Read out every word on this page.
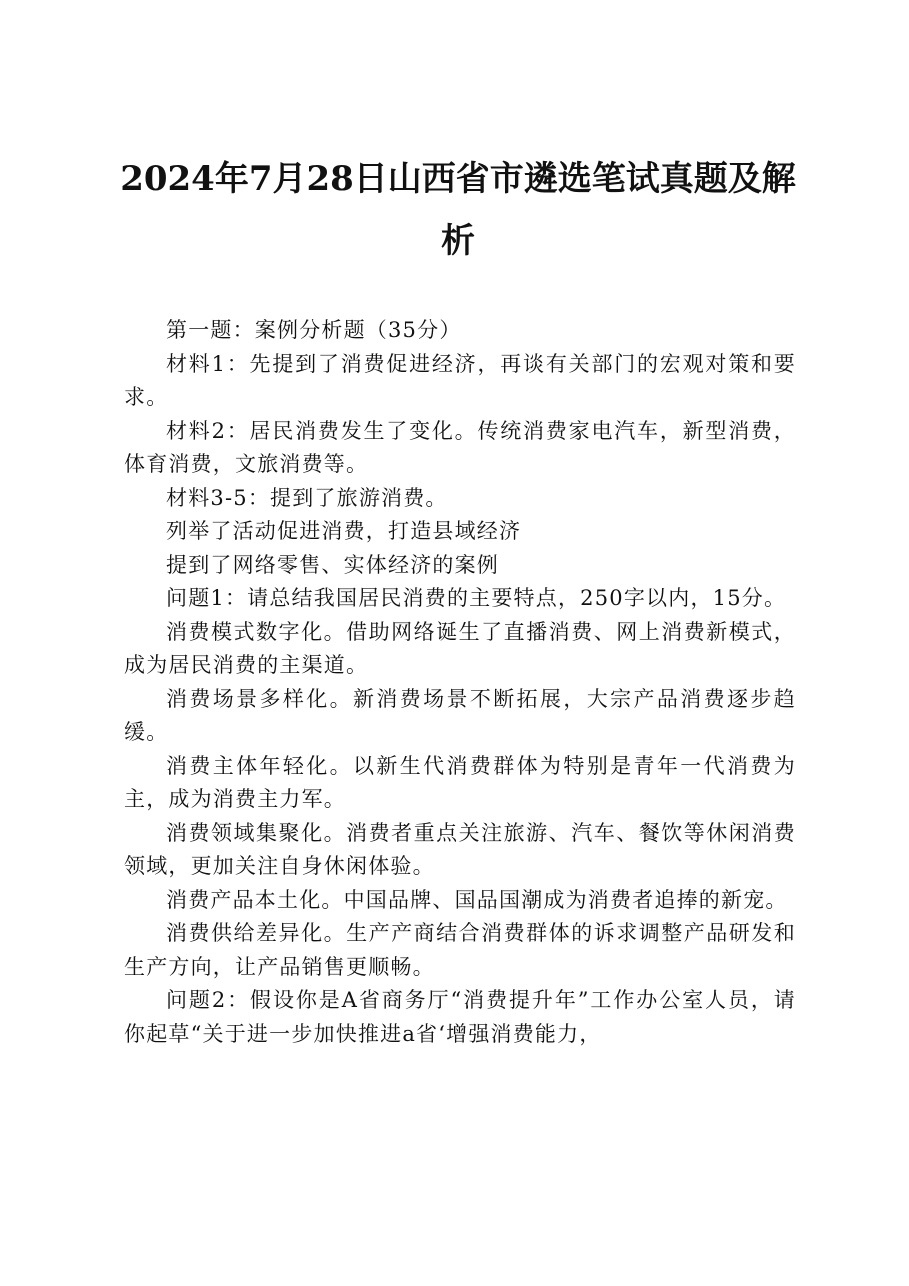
2024年7月28日山西省市遴选笔试真题及解
析

第一题：案例分析题（35分）

材料1：先提到了消费促进经济，再谈有关部门的宏观对策和要求。

材料2：居民消费发生了变化。传统消费家电汽车，新型消费，体育消费，文旅消费等。

材料3-5：提到了旅游消费。

列举了活动促进消费，打造县域经济

提到了网络零售、实体经济的案例

问题1：请总结我国居民消费的主要特点，250字以内，15分。

消费模式数字化。借助网络诞生了直播消费、网上消费新模式，成为居民消费的主渠道。

消费场景多样化。新消费场景不断拓展，大宗产品消费逐步趋缓。

消费主体年轻化。以新生代消费群体为特别是青年一代消费为主，成为消费主力军。

消费领域集聚化。消费者重点关注旅游、汽车、餐饮等休闲消费领域，更加关注自身休闲体验。

消费产品本土化。中国品牌、国品国潮成为消费者追捧的新宠。

消费供给差异化。生产产商结合消费群体的诉求调整产品研发和生产方向，让产品销售更顺畅。

问题2：假设你是A省商务厅“消费提升年”工作办公室人员，请你起草“关于进一步加快推进a省‘增强消费能力，
